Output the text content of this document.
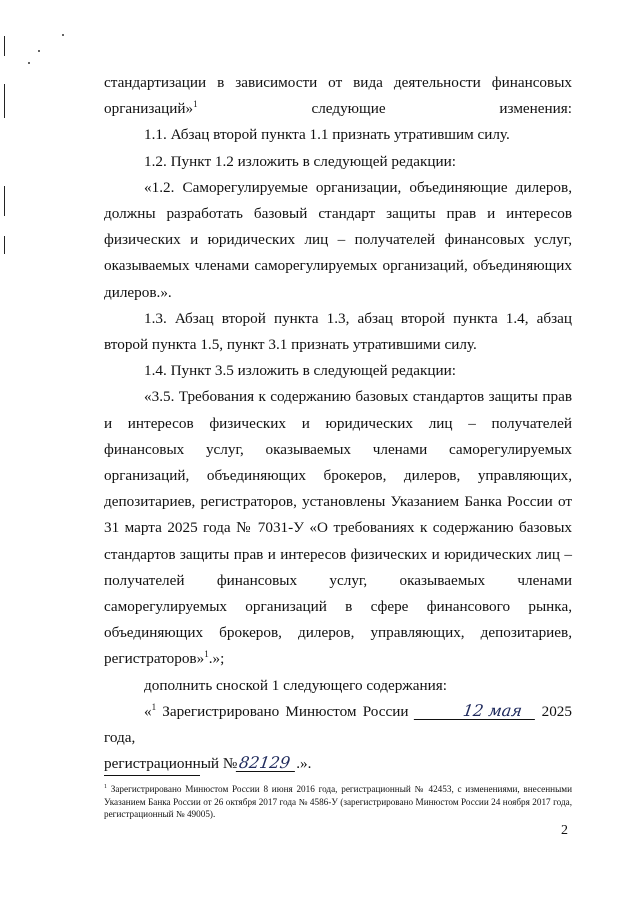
стандартизации в зависимости от вида деятельности финансовых организаций»$^1$ следующие изменения:

1.1. Абзац второй пункта 1.1 признать утратившим силу.

1.2. Пункт 1.2 изложить в следующей редакции:

«1.2. Саморегулируемые организации, объединяющие дилеров, должны разработать базовый стандарт защиты прав и интересов физических и юридических лиц – получателей финансовых услуг, оказываемых членами саморегулируемых организаций, объединяющих дилеров.».

1.3. Абзац второй пункта 1.3, абзац второй пункта 1.4, абзац второй пункта 1.5, пункт 3.1 признать утратившими силу.

1.4. Пункт 3.5 изложить в следующей редакции:

«3.5. Требования к содержанию базовых стандартов защиты прав и интересов физических и юридических лиц – получателей финансовых услуг, оказываемых членами саморегулируемых организаций, объединяющих брокеров, дилеров, управляющих, депозитариев, регистраторов, установлены Указанием Банка России от 31 марта 2025 года № 7031-У «О требованиях к содержанию базовых стандартов защиты прав и интересов физических и юридических лиц – получателей финансовых услуг, оказываемых членами саморегулируемых организаций в сфере финансового рынка, объединяющих брокеров, дилеров, управляющих, депозитариев, регистраторов»$^1$.»;

дополнить сноской 1 следующего содержания:

«$^1$ Зарегистрировано Минюстом России	12 мая 2025 года,

регистрационный №82129 .».

$^1$ Зарегистрировано Минюстом России 8 июня 2016 года, регистрационный № 42453, с изменениями, внесенными Указанием Банка России от 26 октября 2017 года № 4586-У (зарегистрировано Минюстом России 24 ноября 2017 года, регистрационный № 49005).
2
